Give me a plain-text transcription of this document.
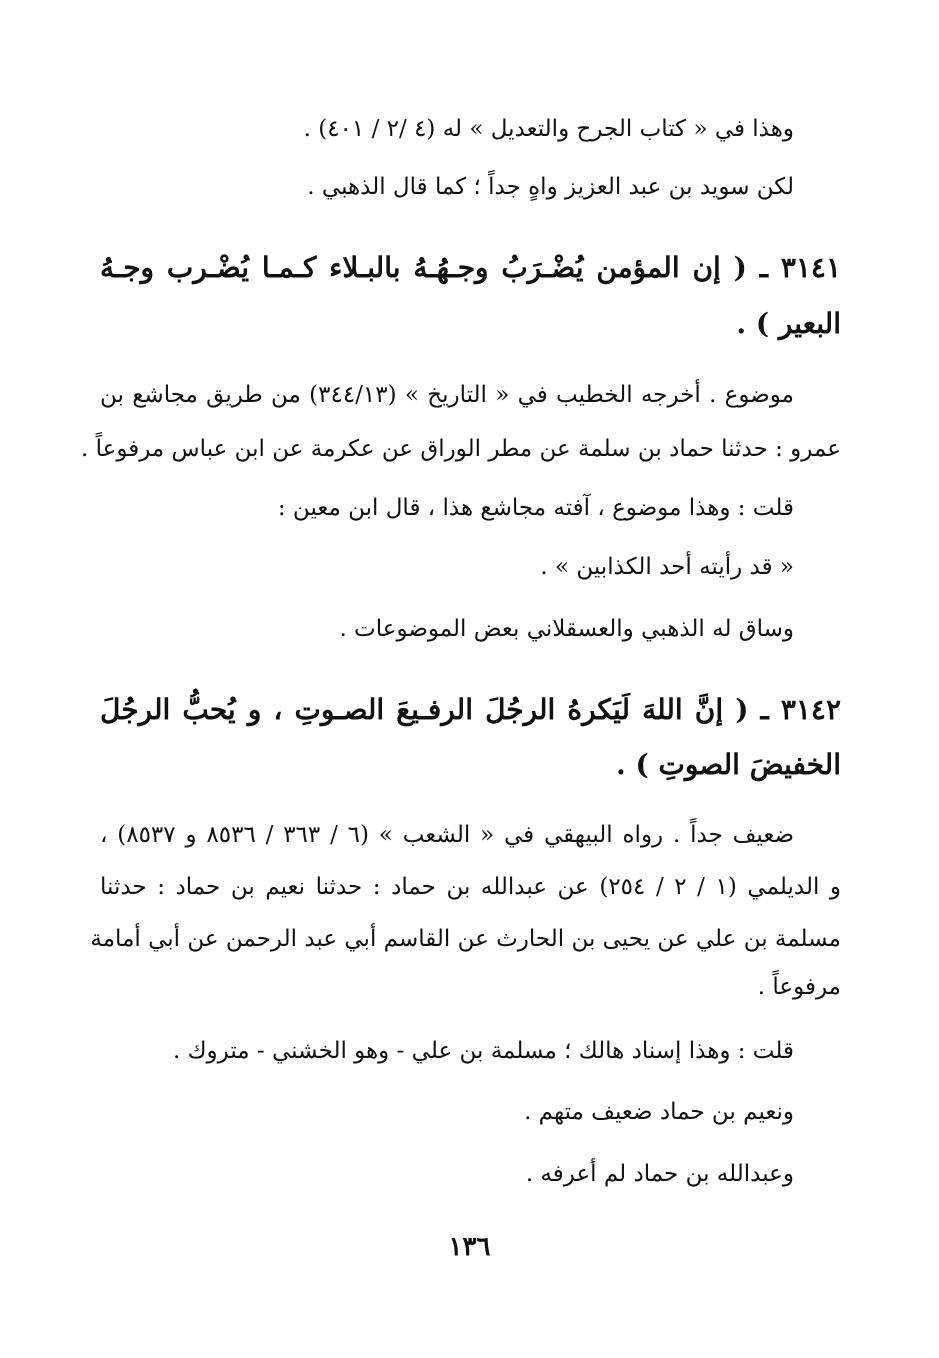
وهذا في « كتاب الجرح والتعديل » له (٤ /٢ / ٤٠١) .
لكن سويد بن عبد العزيز واهٍ جداً ؛ كما قال الذهبي .
٣١٤١ ـ ( إن المؤمن يُضْـرَبُ وجـهُـهُ بالبـلاء كـمـا يُضْـرب وجـهُ
البعير ) .
موضوع . أخرجه الخطيب في « التاريخ » (٣٤٤/١٣) من طريق مجاشع بن
عمرو : حدثنا حماد بن سلمة عن مطر الوراق عن عكرمة عن ابن عباس مرفوعاً .
قلت : وهذا موضوع ، آفته مجاشع هذا ، قال ابن معين :
« قد رأيته أحد الكذابين » .
وساق له الذهبي والعسقلاني بعض الموضوعات .
٣١٤٢ ـ ( إنَّ اللهَ لَيَكرهُ الرجُلَ الرفـيعَ الصـوتِ ، و يُحبُّ الرجُلَ
الخفيضَ الصوتِ ) .
ضعيف جداً . رواه البيهقي في « الشعب » (٦ / ٣٦٣ / ٨٥٣٦ و ٨٥٣٧) ،
و الديلمي (١ / ٢ / ٢٥٤) عن عبدالله بن حماد : حدثنا نعيم بن حماد : حدثنا
مسلمة بن علي عن يحيى بن الحارث عن القاسم أبي عبد الرحمن عن أبي أمامة
مرفوعاً .
قلت : وهذا إسناد هالك ؛ مسلمة بن علي - وهو الخشني - متروك .
ونعيم بن حماد ضعيف متهم .
وعبدالله بن حماد لم أعرفه .
١٣٦
